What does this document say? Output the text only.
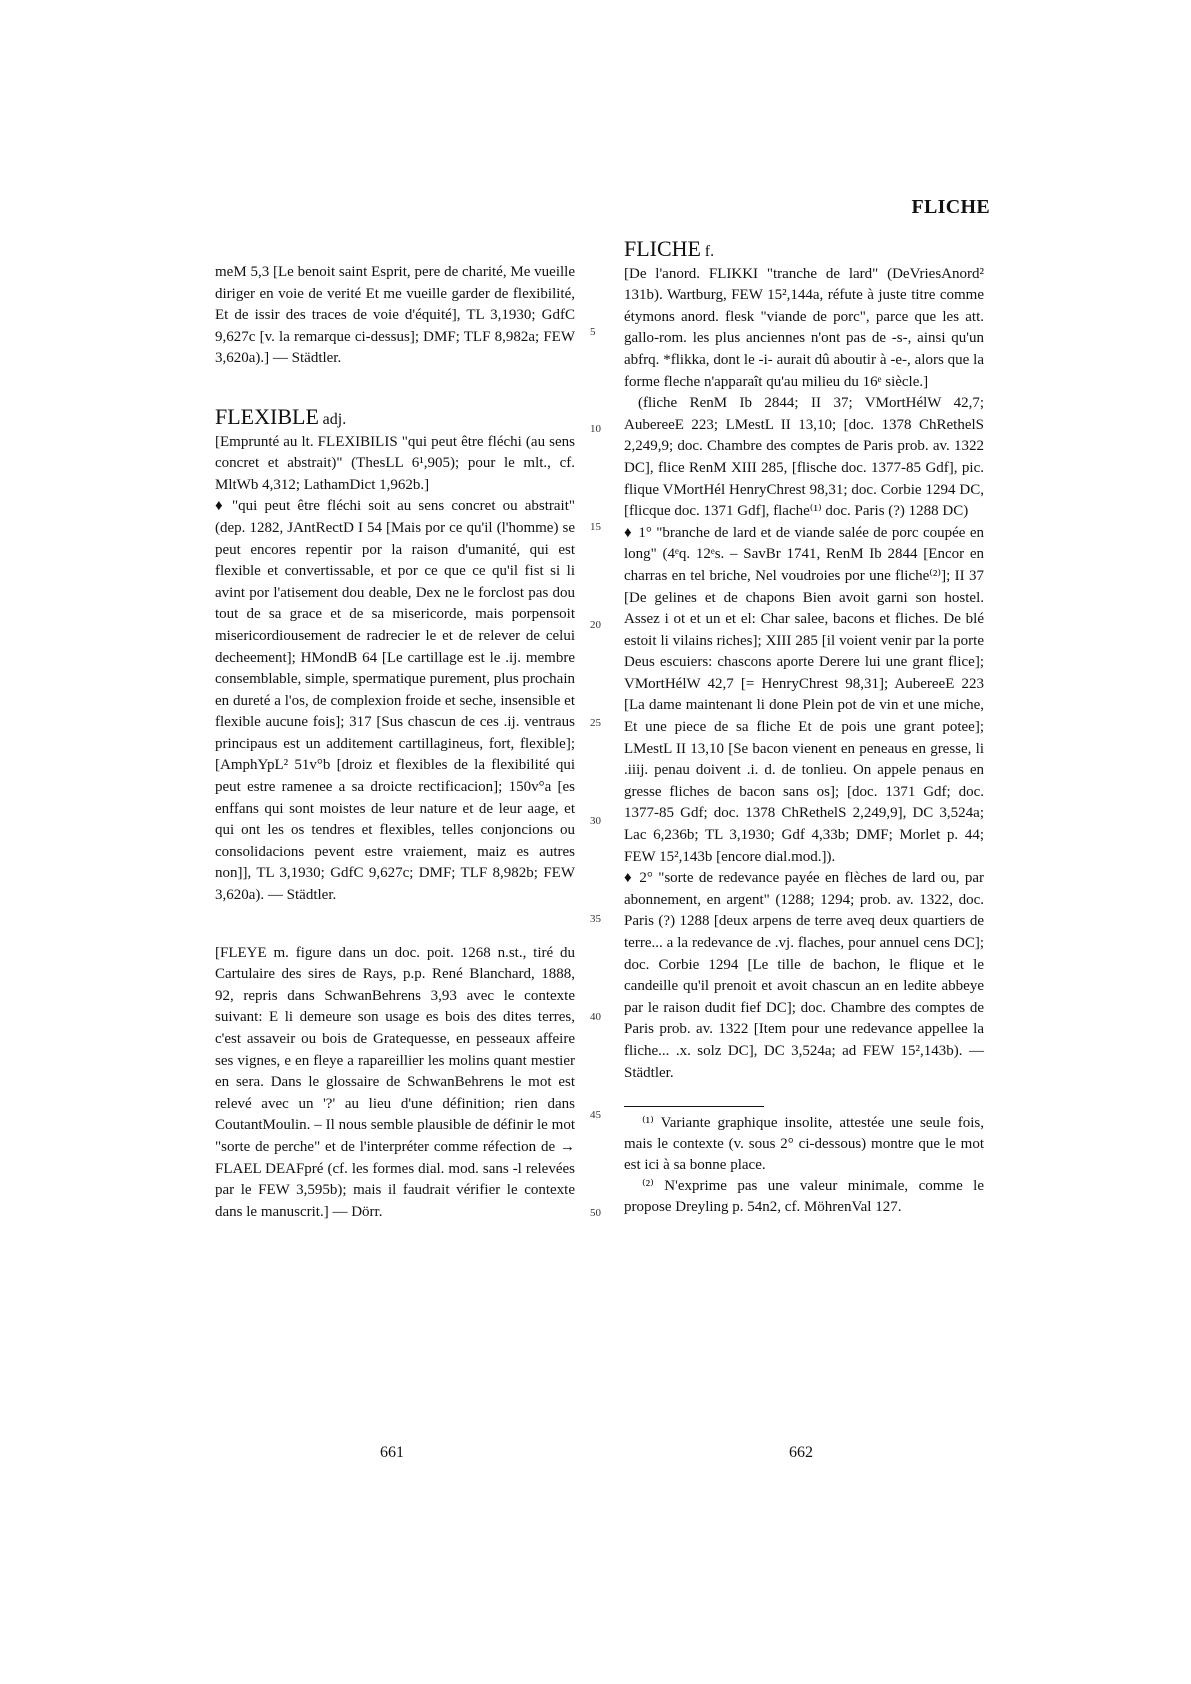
FLICHE

meM 5,3 [Le benoit saint Esprit, pere de charité, Me vueille diriger en voie de verité Et me vueille garder de flexibilité, Et de issir des traces de voie d'équité], TL 3,1930; GdfC 9,627c [v. la remarque ci-dessus]; DMF; TLF 8,982a; FEW 3,620a).] — Städtler.

FLEXIBLE adj.

[Emprunté au lt. FLEXIBILIS "qui peut être fléchi (au sens concret et abstrait)" (ThesLL 6¹,905); pour le mlt., cf. MltWb 4,312; LathamDict 1,962b.]

♦ "qui peut être fléchi soit au sens concret ou abstrait" (dep. 1282, JAntRectD I 54 [Mais por ce qu'il (l'homme) se peut encores repentir por la raison d'umanité, qui est flexible et convertissable, et por ce que ce qu'il fist si li avint por l'atisement dou deable, Dex ne le forclost pas dou tout de sa grace et de sa misericorde, mais porpensoit misericordiousement de radrecier le et de relever de celui decheement]; HMondB 64 [Le cartillage est le .ij. membre consemblable, simple, spermatique purement, plus prochain en dureté a l'os, de complexion froide et seche, insensible et flexible aucune fois]; 317 [Sus chascun de ces .ij. ventraus principaus est un additement cartillagineus, fort, flexible]; [AmphYpL² 51v°b [droiz et flexibles de la flexibilité qui peut estre ramenee a sa droicte rectificacion]; 150v°a [es enffans qui sont moistes de leur nature et de leur aage, et qui ont les os tendres et flexibles, telles conjoncions ou consolidacions pevent estre vraiement, maiz es autres non]], TL 3,1930; GdfC 9,627c; DMF; TLF 8,982b; FEW 3,620a). — Städtler.

[FLEYE m. figure dans un doc. poit. 1268 n.st., tiré du Cartulaire des sires de Rays, p.p. René Blanchard, 1888, 92, repris dans SchwanBehrens 3,93 avec le contexte suivant: E li demeure son usage es bois des dites terres, c'est assaveir ou bois de Gratequesse, en pesseaux affeire ses vignes, e en fleye a rapareillier les molins quant mestier en sera. Dans le glossaire de SchwanBehrens le mot est relevé avec un '?' au lieu d'une définition; rien dans CoutantMoulin. – Il nous semble plausible de définir le mot "sorte de perche" et de l'interpréter comme réfection de → FLAEL DEAFpré (cf. les formes dial. mod. sans -l relevées par le FEW 3,595b); mais il faudrait vérifier le contexte dans le manuscrit.] — Dörr.

5
10
15
20
25
30
35
40
45
50

FLICHE f.

[De l'anord. FLIKKI "tranche de lard" (DeVriesAnord² 131b). Wartburg, FEW 15²,144a, réfute à juste titre comme étymons anord. flesk "viande de porc", parce que les att. gallo-rom. les plus anciennes n'ont pas de -s-, ainsi qu'un abfrq. *flikka, dont le -i- aurait dû aboutir à -e-, alors que la forme fleche n'apparaît qu'au milieu du 16ᵉ siècle.]

(fliche RenM Ib 2844; II 37; VMortHélW 42,7; AubereeE 223; LMestL II 13,10; [doc. 1378 ChRethelS 2,249,9; doc. Chambre des comptes de Paris prob. av. 1322 DC], flice RenM XIII 285, [flische doc. 1377-85 Gdf], pic. flique VMortHél HenryChrest 98,31; doc. Corbie 1294 DC, [flicque doc. 1371 Gdf], flache⁽¹⁾ doc. Paris (?) 1288 DC)

♦ 1° "branche de lard et de viande salée de porc coupée en long" (4ᵉq. 12ᵉs. – SavBr 1741, RenM Ib 2844 [Encor en charras en tel briche, Nel voudroies por une fliche⁽²⁾]; II 37 [De gelines et de chapons Bien avoit garni son hostel. Assez i ot et un et el: Char salee, bacons et fliches. De blé estoit li vilains riches]; XIII 285 [il voient venir par la porte Deus escuiers: chascons aporte Derere lui une grant flice]; VMortHélW 42,7 [= HenryChrest 98,31]; AubereeE 223 [La dame maintenant li done Plein pot de vin et une miche, Et une piece de sa fliche Et de pois une grant potee]; LMestL II 13,10 [Se bacon vienent en peneaus en gresse, li .iiij. penau doivent .i. d. de tonlieu. On appele penaus en gresse fliches de bacon sans os]; [doc. 1371 Gdf; doc. 1377-85 Gdf; doc. 1378 ChRethelS 2,249,9], DC 3,524a; Lac 6,236b; TL 3,1930; Gdf 4,33b; DMF; Morlet p. 44; FEW 15²,143b [encore dial.mod.]).

♦ 2° "sorte de redevance payée en flèches de lard ou, par abonnement, en argent" (1288; 1294; prob. av. 1322, doc. Paris (?) 1288 [deux arpens de terre aveq deux quartiers de terre... a la redevance de .vj. flaches, pour annuel cens DC]; doc. Corbie 1294 [Le tille de bachon, le flique et le candeille qu'il prenoit et avoit chascun an en ledite abbeye par le raison dudit fief DC]; doc. Chambre des comptes de Paris prob. av. 1322 [Item pour une redevance appellee la fliche... .x. solz DC], DC 3,524a; ad FEW 15²,143b). — Städtler.

⁽¹⁾ Variante graphique insolite, attestée une seule fois, mais le contexte (v. sous 2° ci-dessous) montre que le mot est ici à sa bonne place.

⁽²⁾ N'exprime pas une valeur minimale, comme le propose Dreyling p. 54n2, cf. MöhrenVal 127.

661	662
